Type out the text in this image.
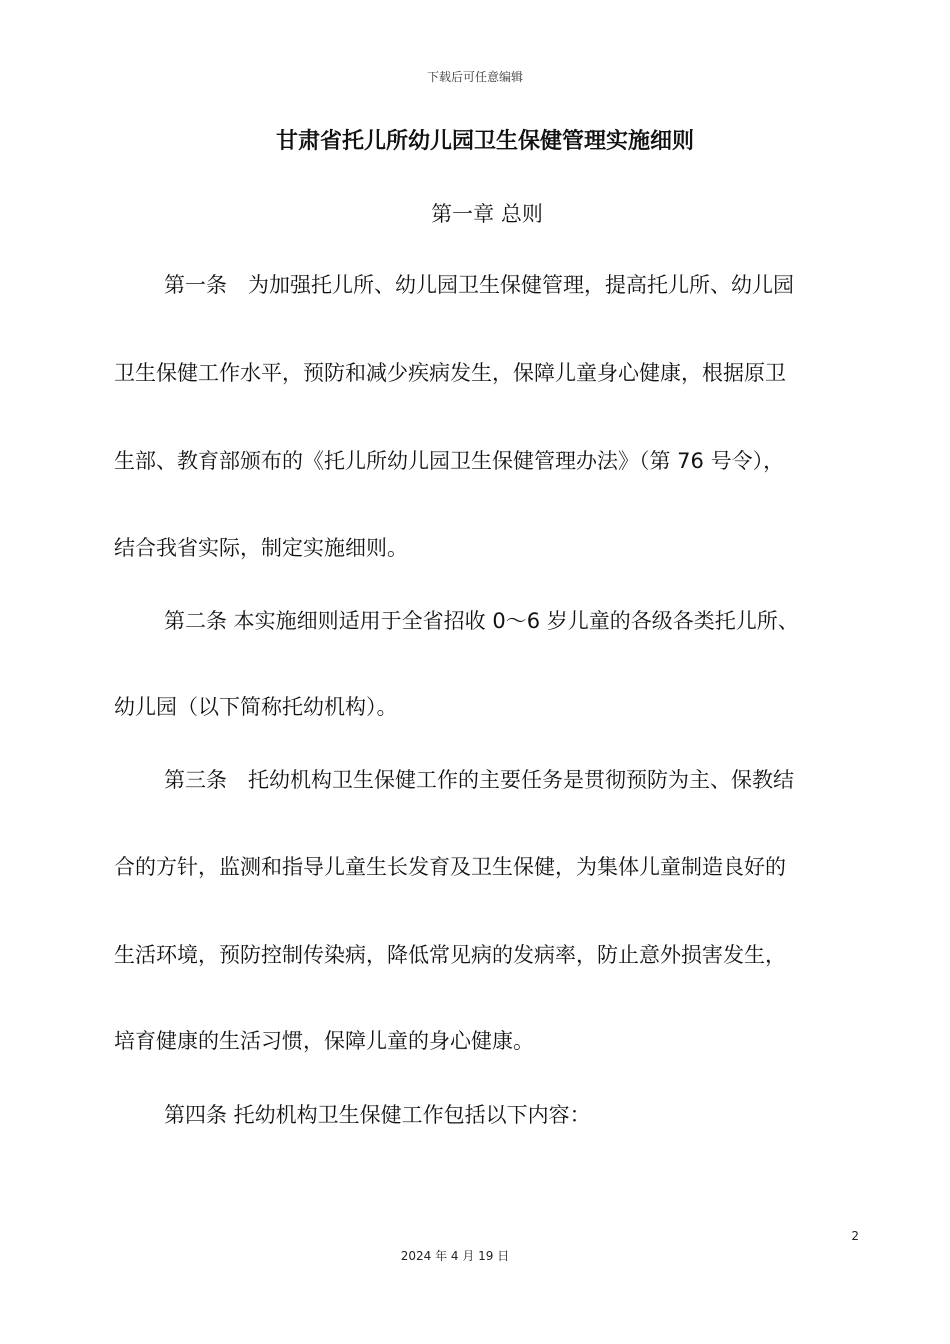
下载后可任意编辑
甘肃省托儿所幼儿园卫生保健管理实施细则
第一章 总则
第一条　为加强托儿所、幼儿园卫生保健管理，提高托儿所、幼儿园
卫生保健工作水平，预防和减少疾病发生，保障儿童身心健康，根据原卫
生部、教育部颁布的《托儿所幼儿园卫生保健管理办法》（第 76 号令），
结合我省实际，制定实施细则。
第二条 本实施细则适用于全省招收 0～6 岁儿童的各级各类托儿所、
幼儿园（以下简称托幼机构）。
第三条　托幼机构卫生保健工作的主要任务是贯彻预防为主、保教结
合的方针，监测和指导儿童生长发育及卫生保健，为集体儿童制造良好的
生活环境，预防控制传染病，降低常见病的发病率，防止意外损害发生，
培育健康的生活习惯，保障儿童的身心健康。
第四条 托幼机构卫生保健工作包括以下内容：
2
2024 年 4 月 19 日
